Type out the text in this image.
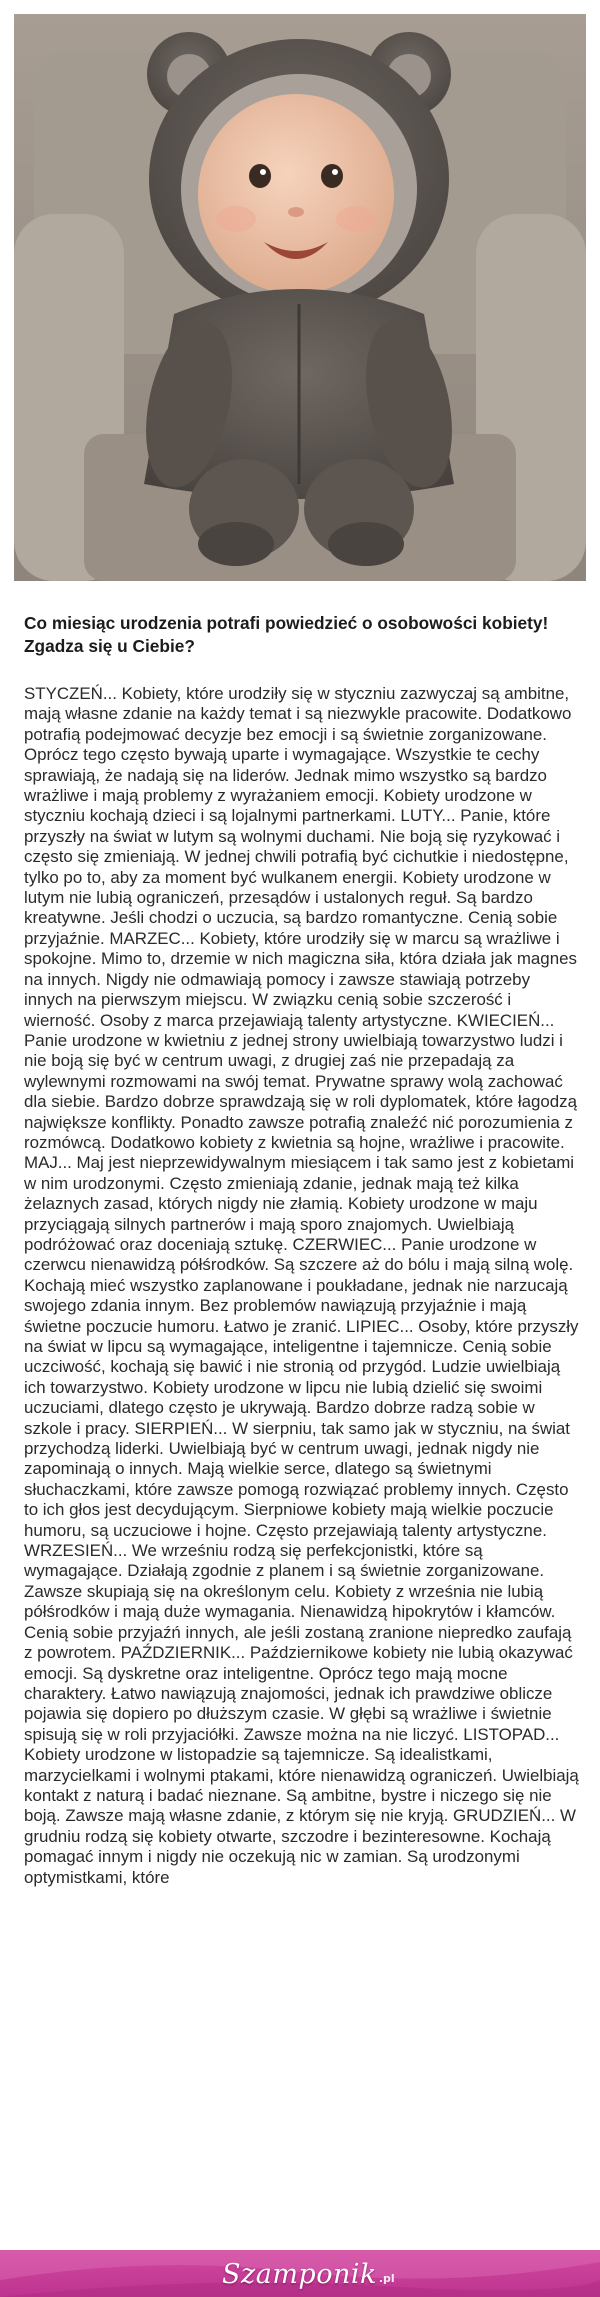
Co miesiąc urodzenia potrafi powiedzieć o osobowości kobiety! Zgadza się u Ciebie?

STYCZEŃ... Kobiety, które urodziły się w styczniu zazwyczaj są ambitne, mają własne zdanie na każdy temat i są niezwykle pracowite. Dodatkowo potrafią podejmować decyzje bez emocji i są świetnie zorganizowane. Oprócz tego często bywają uparte i wymagające. Wszystkie te cechy sprawiają, że nadają się na liderów. Jednak mimo wszystko są bardzo wrażliwe i mają problemy z wyrażaniem emocji. Kobiety urodzone w styczniu kochają dzieci i są lojalnymi partnerkami. LUTY... Panie, które przyszły na świat w lutym są wolnymi duchami. Nie boją się ryzykować i często się zmieniają. W jednej chwili potrafią być cichutkie i niedostępne, tylko po to, aby za moment być wulkanem energii. Kobiety urodzone w lutym nie lubią ograniczeń, przesądów i ustalonych reguł. Są bardzo kreatywne. Jeśli chodzi o uczucia, są bardzo romantyczne. Cenią sobie przyjaźnie. MARZEC... Kobiety, które urodziły się w marcu są wrażliwe i spokojne. Mimo to, drzemie w nich magiczna siła, która działa jak magnes na innych. Nigdy nie odmawiają pomocy i zawsze stawiają potrzeby innych na pierwszym miejscu. W związku cenią sobie szczerość i wierność. Osoby z marca przejawiają talenty artystyczne. KWIECIEŃ... Panie urodzone w kwietniu z jednej strony uwielbiają towarzystwo ludzi i nie boją się być w centrum uwagi, z drugiej zaś nie przepadają za wylewnymi rozmowami na swój temat. Prywatne sprawy wolą zachować dla siebie. Bardzo dobrze sprawdzają się w roli dyplomatek, które łagodzą największe konflikty. Ponadto zawsze potrafią znaleźć nić porozumienia z rozmówcą. Dodatkowo kobiety z kwietnia są hojne, wrażliwe i pracowite. MAJ... Maj jest nieprzewidywalnym miesiącem i tak samo jest z kobietami w nim urodzonymi. Często zmieniają zdanie, jednak mają też kilka żelaznych zasad, których nigdy nie złamią. Kobiety urodzone w maju przyciągają silnych partnerów i mają sporo znajomych. Uwielbiają podróżować oraz doceniają sztukę. CZERWIEC... Panie urodzone w czerwcu nienawidzą półśrodków. Są szczere aż do bólu i mają silną wolę. Kochają mieć wszystko zaplanowane i poukładane, jednak nie narzucają swojego zdania innym. Bez problemów nawiązują przyjaźnie i mają świetne poczucie humoru. Łatwo je zranić. LIPIEC... Osoby, które przyszły na świat w lipcu są wymagające, inteligentne i tajemnicze. Cenią sobie uczciwość, kochają się bawić i nie stronią od przygód. Ludzie uwielbiają ich towarzystwo. Kobiety urodzone w lipcu nie lubią dzielić się swoimi uczuciami, dlatego często je ukrywają. Bardzo dobrze radzą sobie w szkole i pracy. SIERPIEŃ... W sierpniu, tak samo jak w styczniu, na świat przychodzą liderki. Uwielbiają być w centrum uwagi, jednak nigdy nie zapominają o innych. Mają wielkie serce, dlatego są świetnymi słuchaczkami, które zawsze pomogą rozwiązać problemy innych. Często to ich głos jest decydującym. Sierpniowe kobiety mają wielkie poczucie humoru, są uczuciowe i hojne. Często przejawiają talenty artystyczne. WRZESIEŃ... We wrześniu rodzą się perfekcjonistki, które są wymagające. Działają zgodnie z planem i są świetnie zorganizowane. Zawsze skupiają się na określonym celu. Kobiety z września nie lubią półśrodków i mają duże wymagania. Nienawidzą hipokrytów i kłamców. Cenią sobie przyjaźń innych, ale jeśli zostaną zranione niepredko zaufają z powrotem. PAŹDZIERNIK... Październikowe kobiety nie lubią okazywać emocji. Są dyskretne oraz inteligentne. Oprócz tego mają mocne charaktery. Łatwo nawiązują znajomości, jednak ich prawdziwe oblicze pojawia się dopiero po dłuższym czasie. W głębi są wrażliwe i świetnie spisują się w roli przyjaciółki. Zawsze można na nie liczyć. LISTOPAD... Kobiety urodzone w listopadzie są tajemnicze. Są idealistkami, marzycielkami i wolnymi ptakami, które nienawidzą ograniczeń. Uwielbiają kontakt z naturą i badać nieznane. Są ambitne, bystre i niczego się nie boją. Zawsze mają własne zdanie, z którym się nie kryją. GRUDZIEŃ... W grudniu rodzą się kobiety otwarte, szczodre i bezinteresowne. Kochają pomagać innym i nigdy nie oczekują nic w zamian. Są urodzonymi optymistkami, które

Szamponik .pl
